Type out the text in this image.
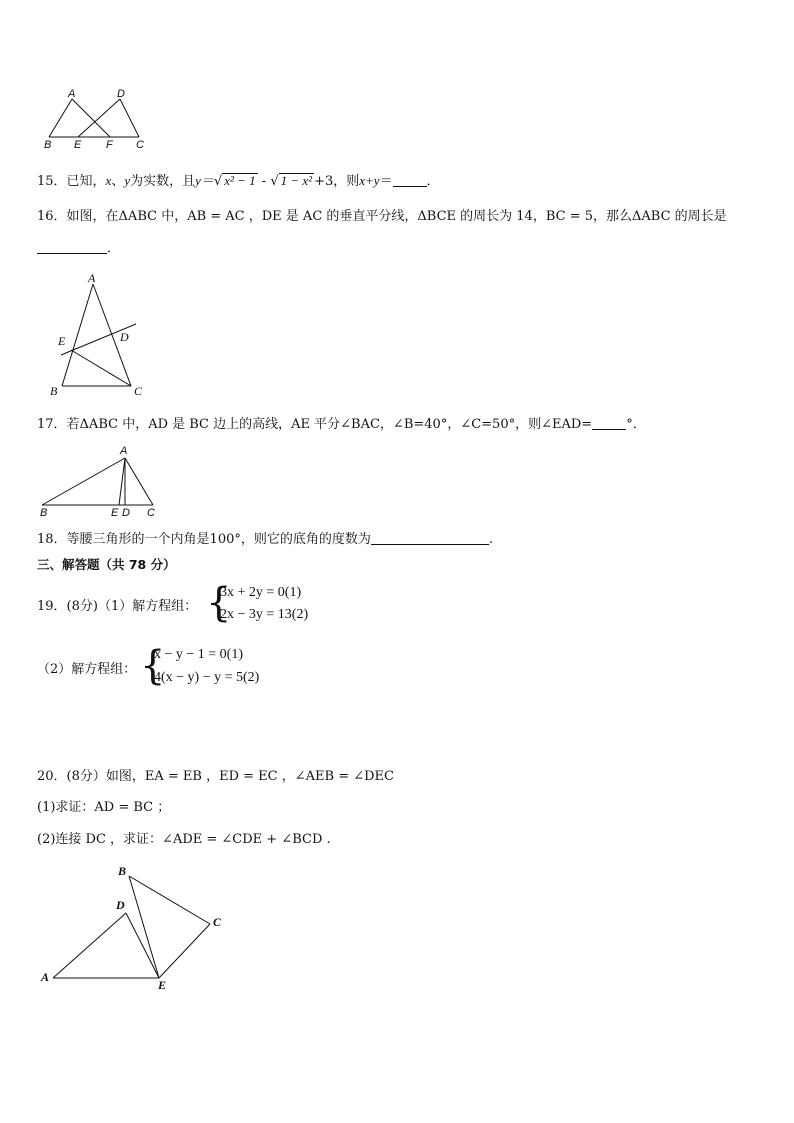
A	D
B E F C
15．已知，x、y为实数，且y＝√ x² − 1 - √ 1 − x² +3，则x+y＝	．
16．如图，在ΔABC 中，AB = AC ，DE 是 AC 的垂直平分线，ΔBCE 的周长为 14，BC = 5，那么ΔABC 的周长是
．
A
E	D
B	C
17．若ΔABC 中，AD 是 BC 边上的高线，AE 平分∠BAC，∠B=40°，∠C=50°，则∠EAD=	°．
A
B	E D C
18．等腰三角形的一个内角是100°，则它的底角的度数为	.
三、解答题（共 78 分）
19．(8分)（1）解方程组： {
3x + 2y = 0(1)
2x − 3y = 13(2)
（2）解方程组： {
x − y − 1 = 0(1)
4(x − y) − y = 5(2)
20．(8分）如图，EA = EB ，ED = EC ，∠AEB = ∠DEC
(1)求证：AD = BC ；
(2)连接 DC ，求证：∠ADE = ∠CDE + ∠BCD .
B
D
C
A
E
